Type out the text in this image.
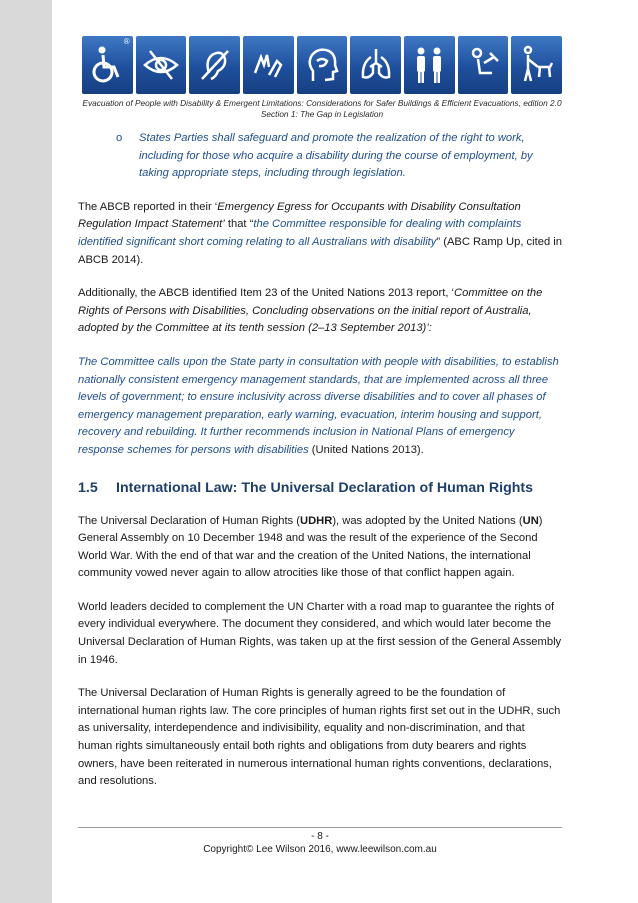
®
Evacuation of People with Disability & Emergent Limitations: Considerations for Safer Buildings & Efficient Evacuations, edition 2.0
Section 1: The Gap in Legislation
o	States Parties shall safeguard and promote the realization of the right to work, including for those who acquire a disability during the course of employment, by taking appropriate steps, including through legislation.

The ABCB reported in their ‘Emergency Egress for Occupants with Disability Consultation Regulation Impact Statement’ that “the Committee responsible for dealing with complaints identified significant short coming relating to all Australians with disability” (ABC Ramp Up, cited in ABCB 2014).

Additionally, the ABCB identified Item 23 of the United Nations 2013 report, ‘Committee on the Rights of Persons with Disabilities, Concluding observations on the initial report of Australia, adopted by the Committee at its tenth session (2–13 September 2013)’:

The Committee calls upon the State party in consultation with people with disabilities, to establish nationally consistent emergency management standards, that are implemented across all three levels of government; to ensure inclusivity across diverse disabilities and to cover all phases of emergency management preparation, early warning, evacuation, interim housing and support, recovery and rebuilding. It further recommends inclusion in National Plans of emergency response schemes for persons with disabilities (United Nations 2013).

1.5 International Law: The Universal Declaration of Human Rights

The Universal Declaration of Human Rights (UDHR), was adopted by the United Nations (UN) General Assembly on 10 December 1948 and was the result of the experience of the Second World War. With the end of that war and the creation of the United Nations, the international community vowed never again to allow atrocities like those of that conflict happen again.

World leaders decided to complement the UN Charter with a road map to guarantee the rights of every individual everywhere. The document they considered, and which would later become the Universal Declaration of Human Rights, was taken up at the first session of the General Assembly in 1946.

The Universal Declaration of Human Rights is generally agreed to be the foundation of international human rights law. The core principles of human rights first set out in the UDHR, such as universality, interdependence and indivisibility, equality and non-discrimination, and that human rights simultaneously entail both rights and obligations from duty bearers and rights owners, have been reiterated in numerous international human rights conventions, declarations, and resolutions.

- 8 -
Copyright© Lee Wilson 2016, www.leewilson.com.au
